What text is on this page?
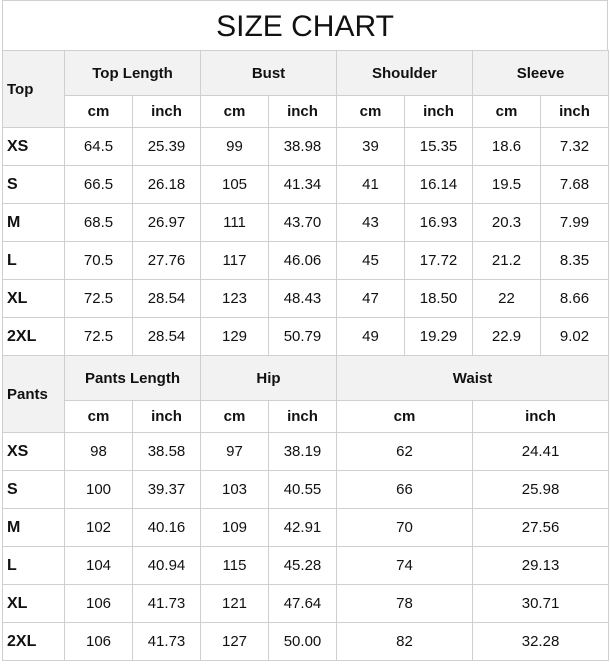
SIZE CHART
Top	Top Length		Bust		Shoulder		Sleeve	
	cm	inch	cm	inch	cm	inch	cm	inch
XS	64.5	25.39	99	38.98	39	15.35	18.6	7.32
S	66.5	26.18	105	41.34	41	16.14	19.5	7.68
M	68.5	26.97	111	43.70	43	16.93	20.3	7.99
L	70.5	27.76	117	46.06	45	17.72	21.2	8.35
XL	72.5	28.54	123	48.43	47	18.50	22	8.66
2XL	72.5	28.54	129	50.79	49	19.29	22.9	9.02
Pants	Pants Length		Hip		Waist			
	cm	inch	cm	inch	cm		inch	
XS	98	38.58	97	38.19	62		24.41	
S	100	39.37	103	40.55	66		25.98	
M	102	40.16	109	42.91	70		27.56	
L	104	40.94	115	45.28	74		29.13	
XL	106	41.73	121	47.64	78		30.71	
2XL	106	41.73	127	50.00	82		32.28	
